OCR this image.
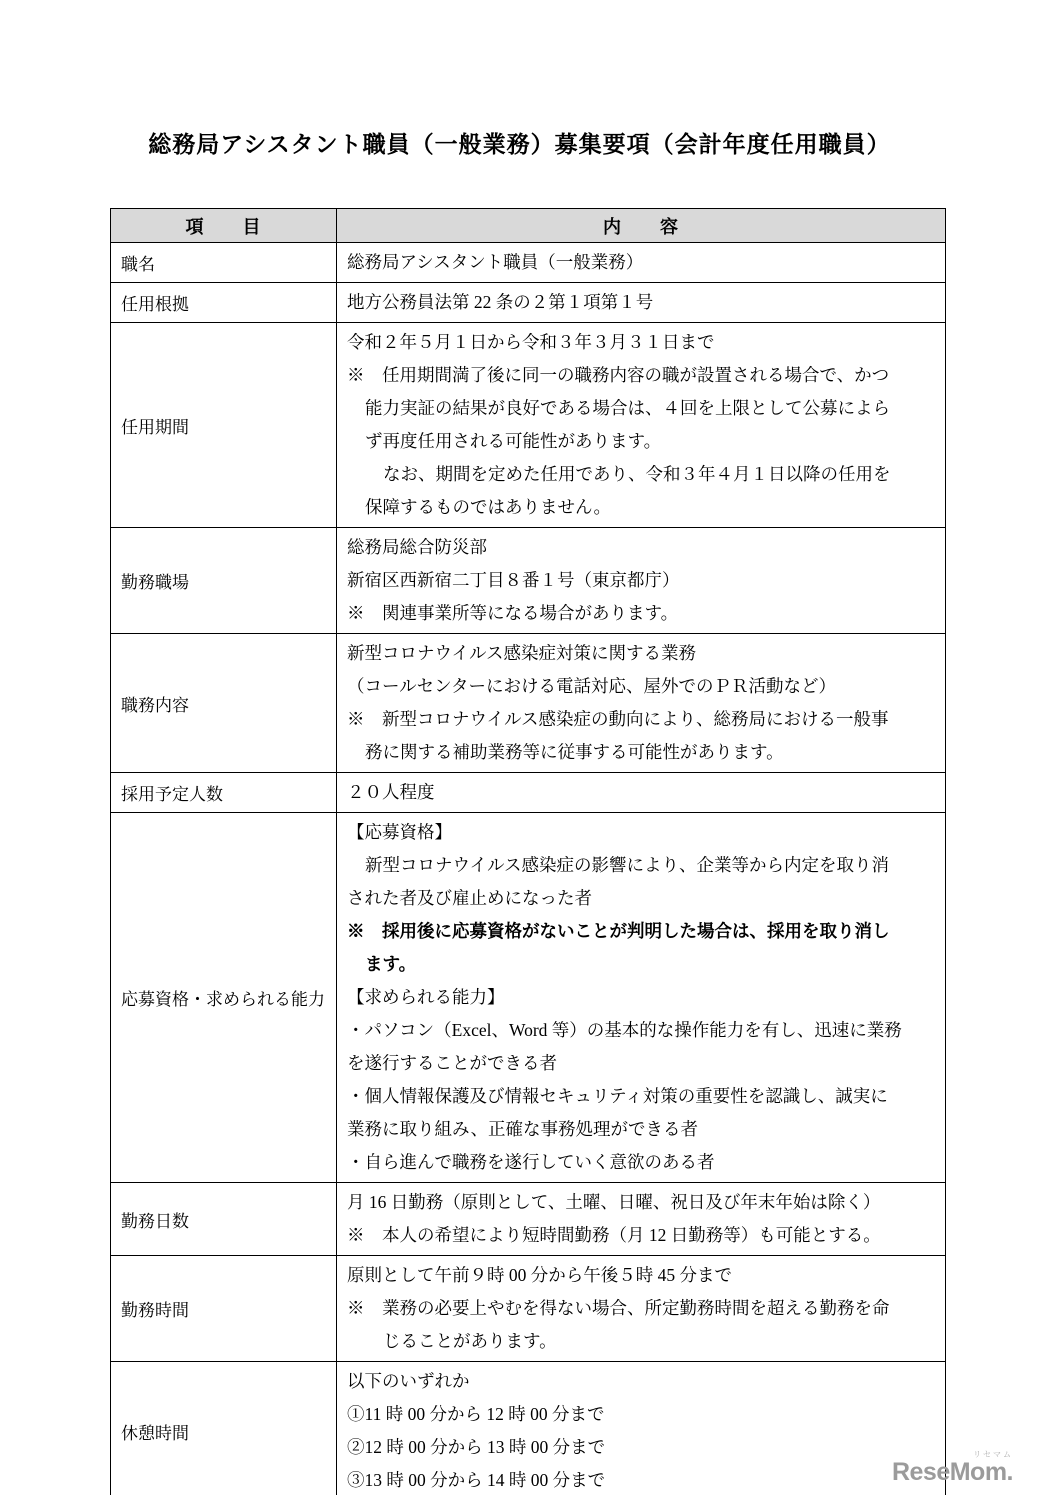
総務局アシスタント職員（一般業務）募集要項（会計年度任用職員）
項　　目	内　　容
職名	総務局アシスタント職員（一般業務）

任用根拠	地方公務員法第 22 条の２第１項第１号

任用期間	
令和２年５月１日から令和３年３月３１日まで
※　任用期間満了後に同一の職務内容の職が設置される場合で、かつ
能力実証の結果が良好である場合は、４回を上限として公募によら
ず再度任用される可能性があります。
なお、期間を定めた任用であり、令和３年４月１日以降の任用を
保障するものではありません。

勤務職場	総務局総合防災部
新宿区西新宿二丁目８番１号（東京都庁）
※　関連事業所等になる場合があります。

職務内容	新型コロナウイルス感染症対策に関する業務
（コールセンターにおける電話対応、屋外でのＰＲ活動など）
※　新型コロナウイルス感染症の動向により、総務局における一般事
務に関する補助業務等に従事する可能性があります。

採用予定人数	２０人程度

応募資格・求められる能力	
【応募資格】
新型コロナウイルス感染症の影響により、企業等から内定を取り消
された者及び雇止めになった者
※　採用後に応募資格がないことが判明した場合は、採用を取り消し
ます。
【求められる能力】
・パソコン（Excel、Word 等）の基本的な操作能力を有し、迅速に業務
を遂行することができる者
・個人情報保護及び情報セキュリティ対策の重要性を認識し、誠実に
業務に取り組み、正確な事務処理ができる者
・自ら進んで職務を遂行していく意欲のある者

勤務日数	月 16 日勤務（原則として、土曜、日曜、祝日及び年末年始は除く）
※　本人の希望により短時間勤務（月 12 日勤務等）も可能とする。

勤務時間	原則として午前９時 00 分から午後５時 45 分まで
※　業務の必要上やむを得ない場合、所定勤務時間を超える勤務を命
じることがあります。

休憩時間	以下のいずれか
①11 時 00 分から 12 時 00 分まで
②12 時 00 分から 13 時 00 分まで
③13 時 00 分から 14 時 00 分まで
リセマム
ReseMom.
